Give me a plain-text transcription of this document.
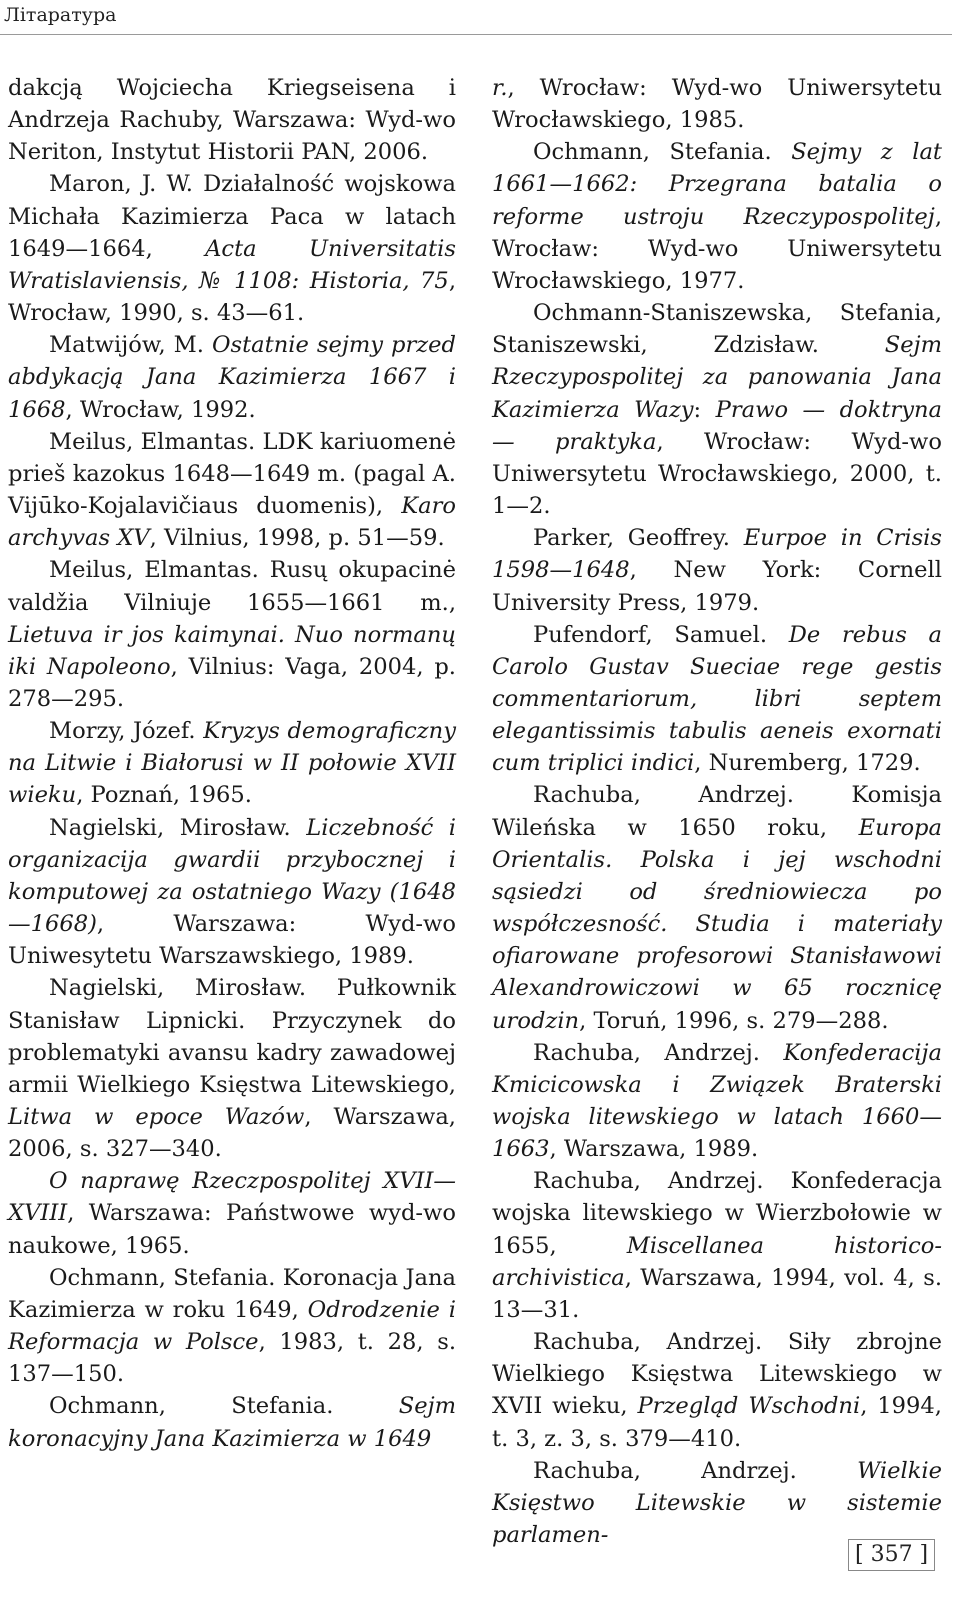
Літаратура

dakcją Wojciecha Kriegseisena i Andrzeja Rachuby, Warszawa: Wyd-wo Neriton, Instytut Historii PAN, 2006.

Maron, J. W. Działalność wojskowa Michała Kazimierza Paca w latach 1649—1664, Acta Universitatis Wratislaviensis, № 1108: Historia, 75, Wrocław, 1990, s. 43—61.

Matwijów, M. Ostatnie sejmy przed abdykacją Jana Kazimierza 1667 i 1668, Wrocław, 1992.

Meilus, Elmantas. LDK kariuomenė prieš kazokus 1648—1649 m. (pagal A. Vijūko-Kojalavičiaus duomenis), Karo archyvas XV, Vilnius, 1998, p. 51—59.

Meilus, Elmantas. Rusų okupacinė valdžia Vilniuje 1655—1661 m., Lietuva ir jos kaimynai. Nuo normanų iki Napoleono, Vilnius: Vaga, 2004, p. 278—295.

Morzy, Józef. Kryzys demograficzny na Litwie i Białorusi w II połowie XVII wieku, Poznań, 1965.

Nagielski, Mirosław. Liczebność i organizacija gwardii przybocznej i komputowej za ostatniego Wazy (1648—1668), Warszawa: Wyd-wo Uniwesytetu Warszawskiego, 1989.

Nagielski, Mirosław. Pułkownik Stanisław Lipnicki. Przyczynek do problematyki avansu kadry zawadowej armii Wielkiego Księstwa Litewskiego, Litwa w epoce Wazów, Warszawa, 2006, s. 327—340.

O naprawę Rzeczpospolitej XVII—XVIII, Warszawa: Państwowe wyd-wo naukowe, 1965.

Ochmann, Stefania. Koronacja Jana Kazimierza w roku 1649, Odrodzenie i Reformacja w Polsce, 1983, t. 28, s. 137—150.

Ochmann, Stefania. Sejm koronacyjny Jana Kazimierza w 1649

r., Wrocław: Wyd-wo Uniwersytetu Wrocławskiego, 1985.

Ochmann, Stefania. Sejmy z lat 1661—1662: Przegrana batalia o reforme ustroju Rzeczypospolitej, Wrocław: Wyd-wo Uniwersytetu Wrocławskiego, 1977.

Ochmann-Staniszewska, Stefania, Staniszewski, Zdzisław. Sejm Rzeczypospolitej za panowania Jana Kazimierza Wazy: Prawo — doktryna — praktyka, Wrocław: Wyd-wo Uniwersytetu Wrocławskiego, 2000, t. 1—2.

Parker, Geoffrey. Eurpoe in Crisis 1598—1648, New York: Cornell University Press, 1979.

Pufendorf, Samuel. De rebus a Carolo Gustav Sueciae rege gestis commentariorum, libri septem elegantissimis tabulis aeneis exornati cum triplici indici, Nuremberg, 1729.

Rachuba, Andrzej. Komisja Wileńska w 1650 roku, Europa Orientalis. Polska i jej wschodni sąsiedzi od średniowiecza po współczesność. Studia i materiały ofiarowane profesorowi Stanisławowi Alexandrowiczowi w 65 rocznicę urodzin, Toruń, 1996, s. 279—288.

Rachuba, Andrzej. Konfederacija Kmicicowska i Związek Braterski wojska litewskiego w latach 1660—1663, Warszawa, 1989.

Rachuba, Andrzej. Konfederacja wojska litewskiego w Wierzbołowie w 1655, Miscellanea historico-archivistica, Warszawa, 1994, vol. 4, s. 13—31.

Rachuba, Andrzej. Siły zbrojne Wielkiego Księstwa Litewskiego w XVII wieku, Przegląd Wschodni, 1994, t. 3, z. 3, s. 379—410.

Rachuba, Andrzej. Wielkie Księstwo Litewskie w sistemie parlamen-

[ 357 ]
